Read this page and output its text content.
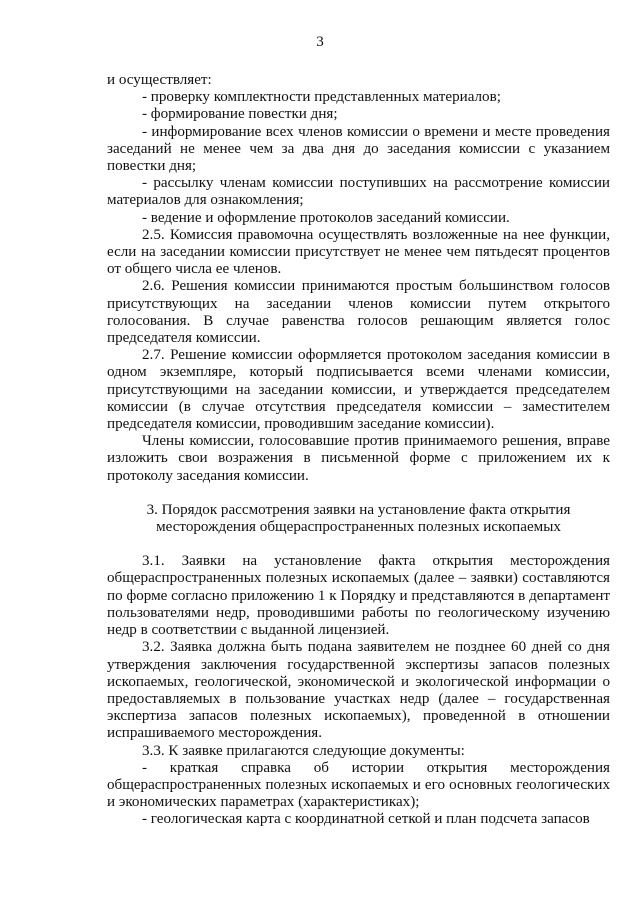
3

и осуществляет:

- проверку комплектности представленных материалов;

- формирование повестки дня;

- информирование всех членов комиссии о времени и месте проведения заседаний не менее чем за два дня до заседания комиссии с указанием повестки дня;

- рассылку членам комиссии поступивших на рассмотрение комиссии материалов для ознакомления;

- ведение и оформление протоколов заседаний комиссии.

2.5. Комиссия правомочна осуществлять возложенные на нее функции, если на заседании комиссии присутствует не менее чем пятьдесят процентов от общего числа ее членов.

2.6. Решения комиссии принимаются простым большинством голосов присутствующих на заседании членов комиссии путем открытого голосования. В случае равенства голосов решающим является голос председателя комиссии.

2.7. Решение комиссии оформляется протоколом заседания комиссии в одном экземпляре, который подписывается всеми членами комиссии, присутствующими на заседании комиссии, и утверждается председателем комиссии (в случае отсутствия председателя комиссии – заместителем председателя комиссии, проводившим заседание комиссии).

Члены комиссии, голосовавшие против принимаемого решения, вправе изложить свои возражения в письменной форме с приложением их к протоколу заседания комиссии.

3. Порядок рассмотрения заявки на установление факта открытия
месторождения общераспространенных полезных ископаемых

3.1. Заявки на установление факта открытия месторождения общераспространенных полезных ископаемых (далее – заявки) составляются по форме согласно приложению 1 к Порядку и представляются в департамент пользователями недр, проводившими работы по геологическому изучению недр в соответствии с выданной лицензией.

3.2. Заявка должна быть подана заявителем не позднее 60 дней со дня утверждения заключения государственной экспертизы запасов полезных ископаемых, геологической, экономической и экологической информации о предоставляемых в пользование участках недр (далее – государственная экспертиза запасов полезных ископаемых), проведенной в отношении испрашиваемого месторождения.

3.3. К заявке прилагаются следующие документы:

- краткая справка об истории открытия месторождения общераспространенных полезных ископаемых и его основных геологических и экономических параметрах (характеристиках);

- геологическая карта с координатной сеткой и план подсчета запасов
